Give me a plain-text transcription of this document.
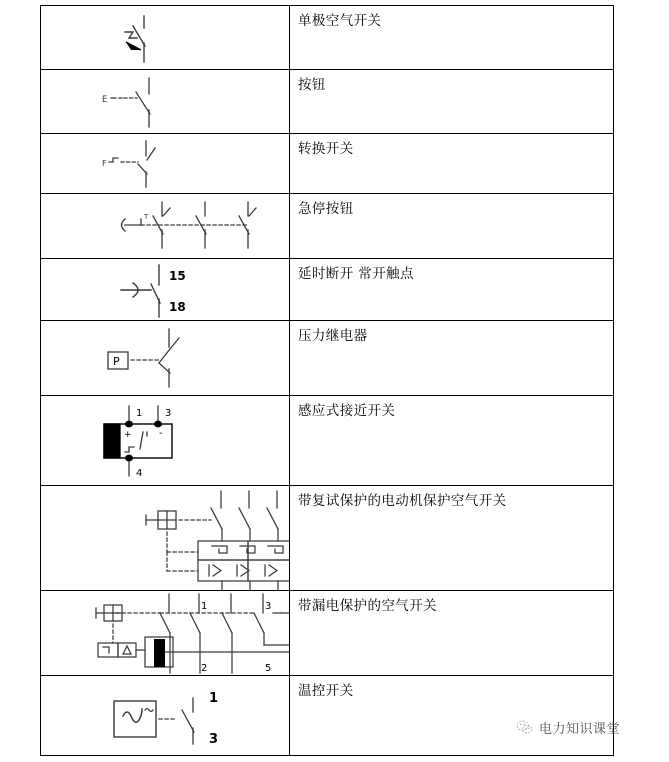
单极空气开关

E	按钮

F	转换开关

T	急停按钮

15
18	延时断开 常开触点

P	压力继电器

1 3
4
+ -	感应式接近开关

带复试保护的电动机保护空气开关

1 3
2 5	带漏电保护的空气开关

1
3	温控开关
电力知识课堂
